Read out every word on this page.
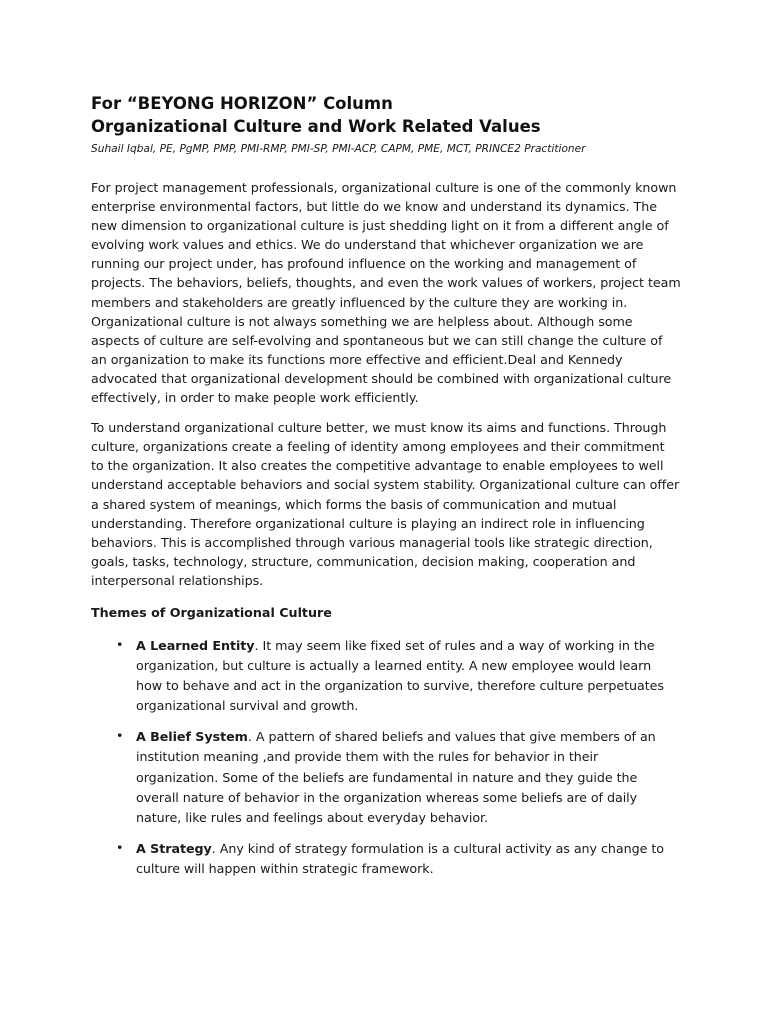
For “BEYONG HORIZON” Column
Organizational Culture and Work Related Values

Suhail Iqbal, PE, PgMP, PMP, PMI-RMP, PMI-SP, PMI-ACP, CAPM, PME, MCT, PRINCE2 Practitioner

For project management professionals, organizational culture is one of the commonly known enterprise environmental factors, but little do we know and understand its dynamics. The new dimension to organizational culture is just shedding light on it from a different angle of evolving work values and ethics. We do understand that whichever organization we are running our project under, has profound influence on the working and management of projects. The behaviors, beliefs, thoughts, and even the work values of workers, project team members and stakeholders are greatly influenced by the culture they are working in. Organizational culture is not always something we are helpless about. Although some aspects of culture are self-evolving and spontaneous but we can still change the culture of an organization to make its functions more effective and efficient.Deal and Kennedy advocated that organizational development should be combined with organizational culture effectively, in order to make people work efficiently.

To understand organizational culture better, we must know its aims and functions. Through culture, organizations create a feeling of identity among employees and their commitment to the organization. It also creates the competitive advantage to enable employees to well understand acceptable behaviors and social system stability. Organizational culture can offer a shared system of meanings, which forms the basis of communication and mutual understanding. Therefore organizational culture is playing an indirect role in influencing behaviors. This is accomplished through various managerial tools like strategic direction, goals, tasks, technology, structure, communication, decision making, cooperation and interpersonal relationships.

Themes of Organizational Culture
• A Learned Entity. It may seem like fixed set of rules and a way of working in the organization, but culture is actually a learned entity. A new employee would learn how to behave and act in the organization to survive, therefore culture perpetuates organizational survival and growth.
• A Belief System. A pattern of shared beliefs and values that give members of an institution meaning ,and provide them with the rules for behavior in their organization. Some of the beliefs are fundamental in nature and they guide the overall nature of behavior in the organization whereas some beliefs are of daily nature, like rules and feelings about everyday behavior.
• A Strategy. Any kind of strategy formulation is a cultural activity as any change to culture will happen within strategic framework.
